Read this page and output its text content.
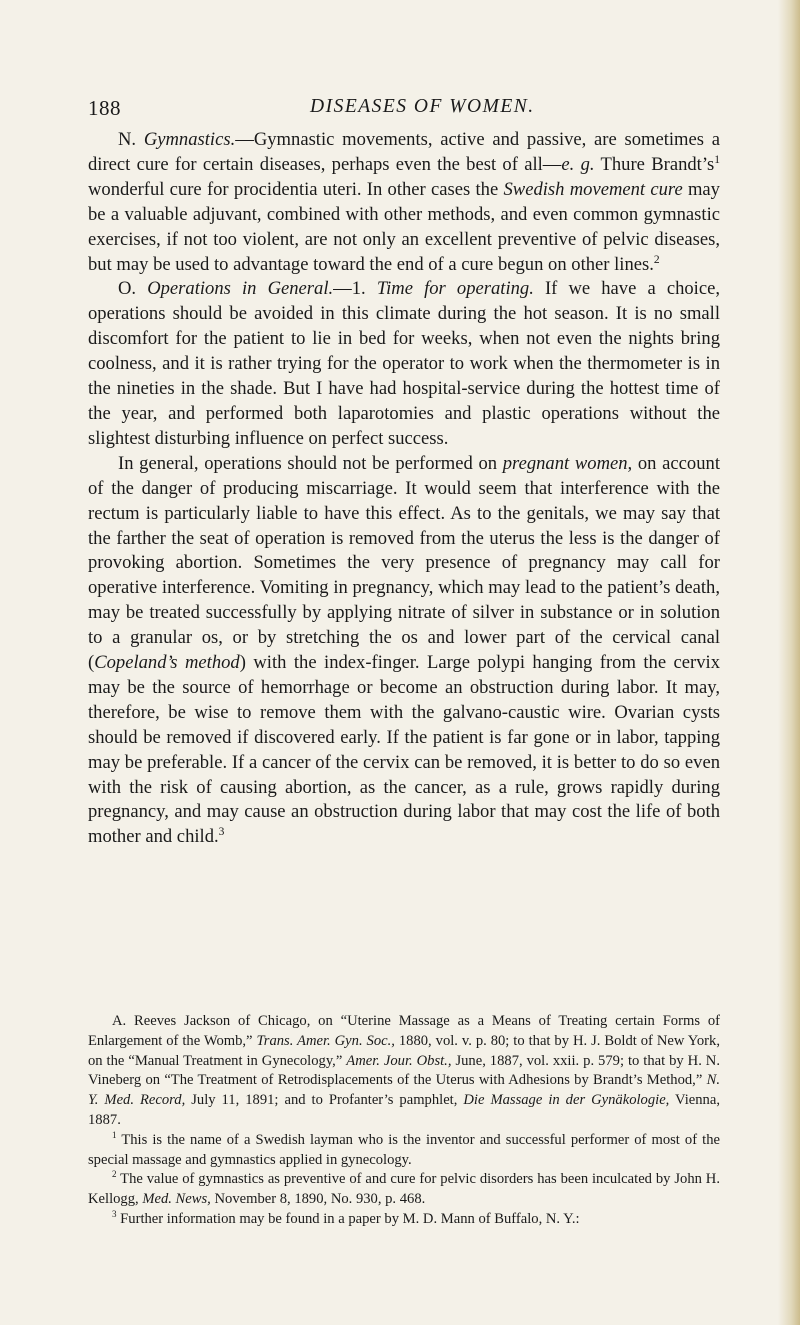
188	DISEASES OF WOMEN.

N. Gymnastics.—Gymnastic movements, active and passive, are sometimes a direct cure for certain diseases, perhaps even the best of all—e. g. Thure $Brandt’s^1$ wonderful cure for procidentia uteri. In other cases the Swedish movement cure may be a valuable adjuvant, combined with other methods, and even common gymnastic exercises, if not too violent, are not only an excellent preventive of pelvic diseases, but may be used to advantage toward the end of a cure begun on other lines.$^2$

O. Operations in General.—1. Time for operating. If we have a choice, operations should be avoided in this climate during the hot season. It is no small discomfort for the patient to lie in bed for weeks, when not even the nights bring coolness, and it is rather trying for the operator to work when the thermometer is in the nineties in the shade. But I have had hospital-service during the hottest time of the year, and performed both laparotomies and plastic operations without the slightest disturbing influence on perfect success.

In general, operations should not be performed on pregnant women, on account of the danger of producing miscarriage. It would seem that interference with the rectum is particularly liable to have this effect. As to the genitals, we may say that the farther the seat of operation is removed from the uterus the less is the danger of provoking abortion. Sometimes the very presence of pregnancy may call for operative interference. Vomiting in pregnancy, which may lead to the patient’s death, may be treated successfully by applying nitrate of silver in substance or in solution to a granular os, or by stretching the os and lower part of the cervical canal (Copeland’s method) with the index-finger. Large polypi hanging from the cervix may be the source of hemorrhage or become an obstruction during labor. It may, therefore, be wise to remove them with the galvano-caustic wire. Ovarian cysts should be removed if discovered early. If the patient is far gone or in labor, tapping may be preferable. If a cancer of the cervix can be removed, it is better to do so even with the risk of causing abortion, as the cancer, as a rule, grows rapidly during pregnancy, and may cause an obstruction during labor that may cost the life of both mother and child.$^3$

A. Reeves Jackson of Chicago, on “Uterine Massage as a Means of Treating certain Forms of Enlargement of the Womb,” Trans. Amer. Gyn. Soc., 1880, vol. v. p. 80; to that by H. J. Boldt of New York, on the “Manual Treatment in Gynecology,” Amer. Jour. Obst., June, 1887, vol. xxii. p. 579; to that by H. N. Vineberg on “The Treatment of Retrodisplacements of the Uterus with Adhesions by Brandt’s Method,” N. Y. Med. Record, July 11, 1891; and to Profanter’s pamphlet, Die Massage in der Gynäkologie, Vienna, 1887.

$^1$ This is the name of a Swedish layman who is the inventor and successful performer of most of the special massage and gymnastics applied in gynecology.

$^2$ The value of gymnastics as preventive of and cure for pelvic disorders has been inculcated by John H. Kellogg, Med. News, November 8, 1890, No. 930, p. 468.

$^3$ Further information may be found in a paper by M. D. Mann of Buffalo, N. Y.:
